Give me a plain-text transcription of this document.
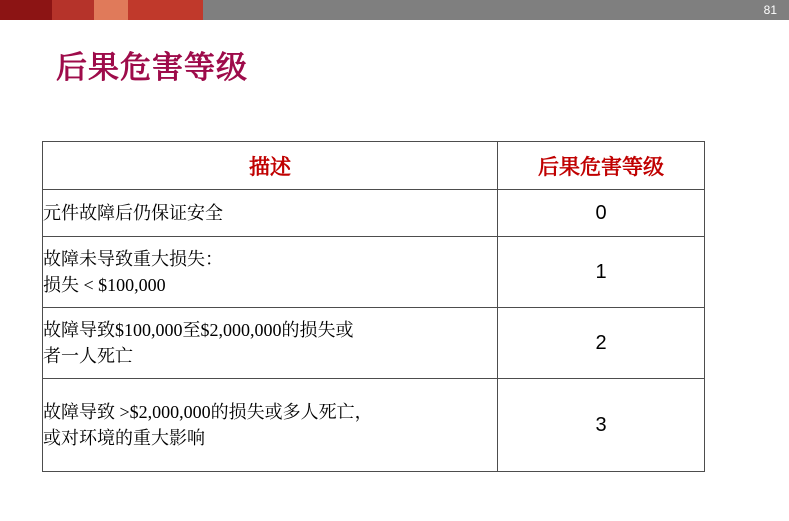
81
后果危害等级
描述	后果危害等级

元件故障后仍保证安全	0

故障未导致重大损失：
损失 < $100,000	1

故障导致$100,000至$2,000,000的损失或
者一人死亡	2

故障导致 >$2,000,000的损失或多人死亡，
或对环境的重大影响	3
